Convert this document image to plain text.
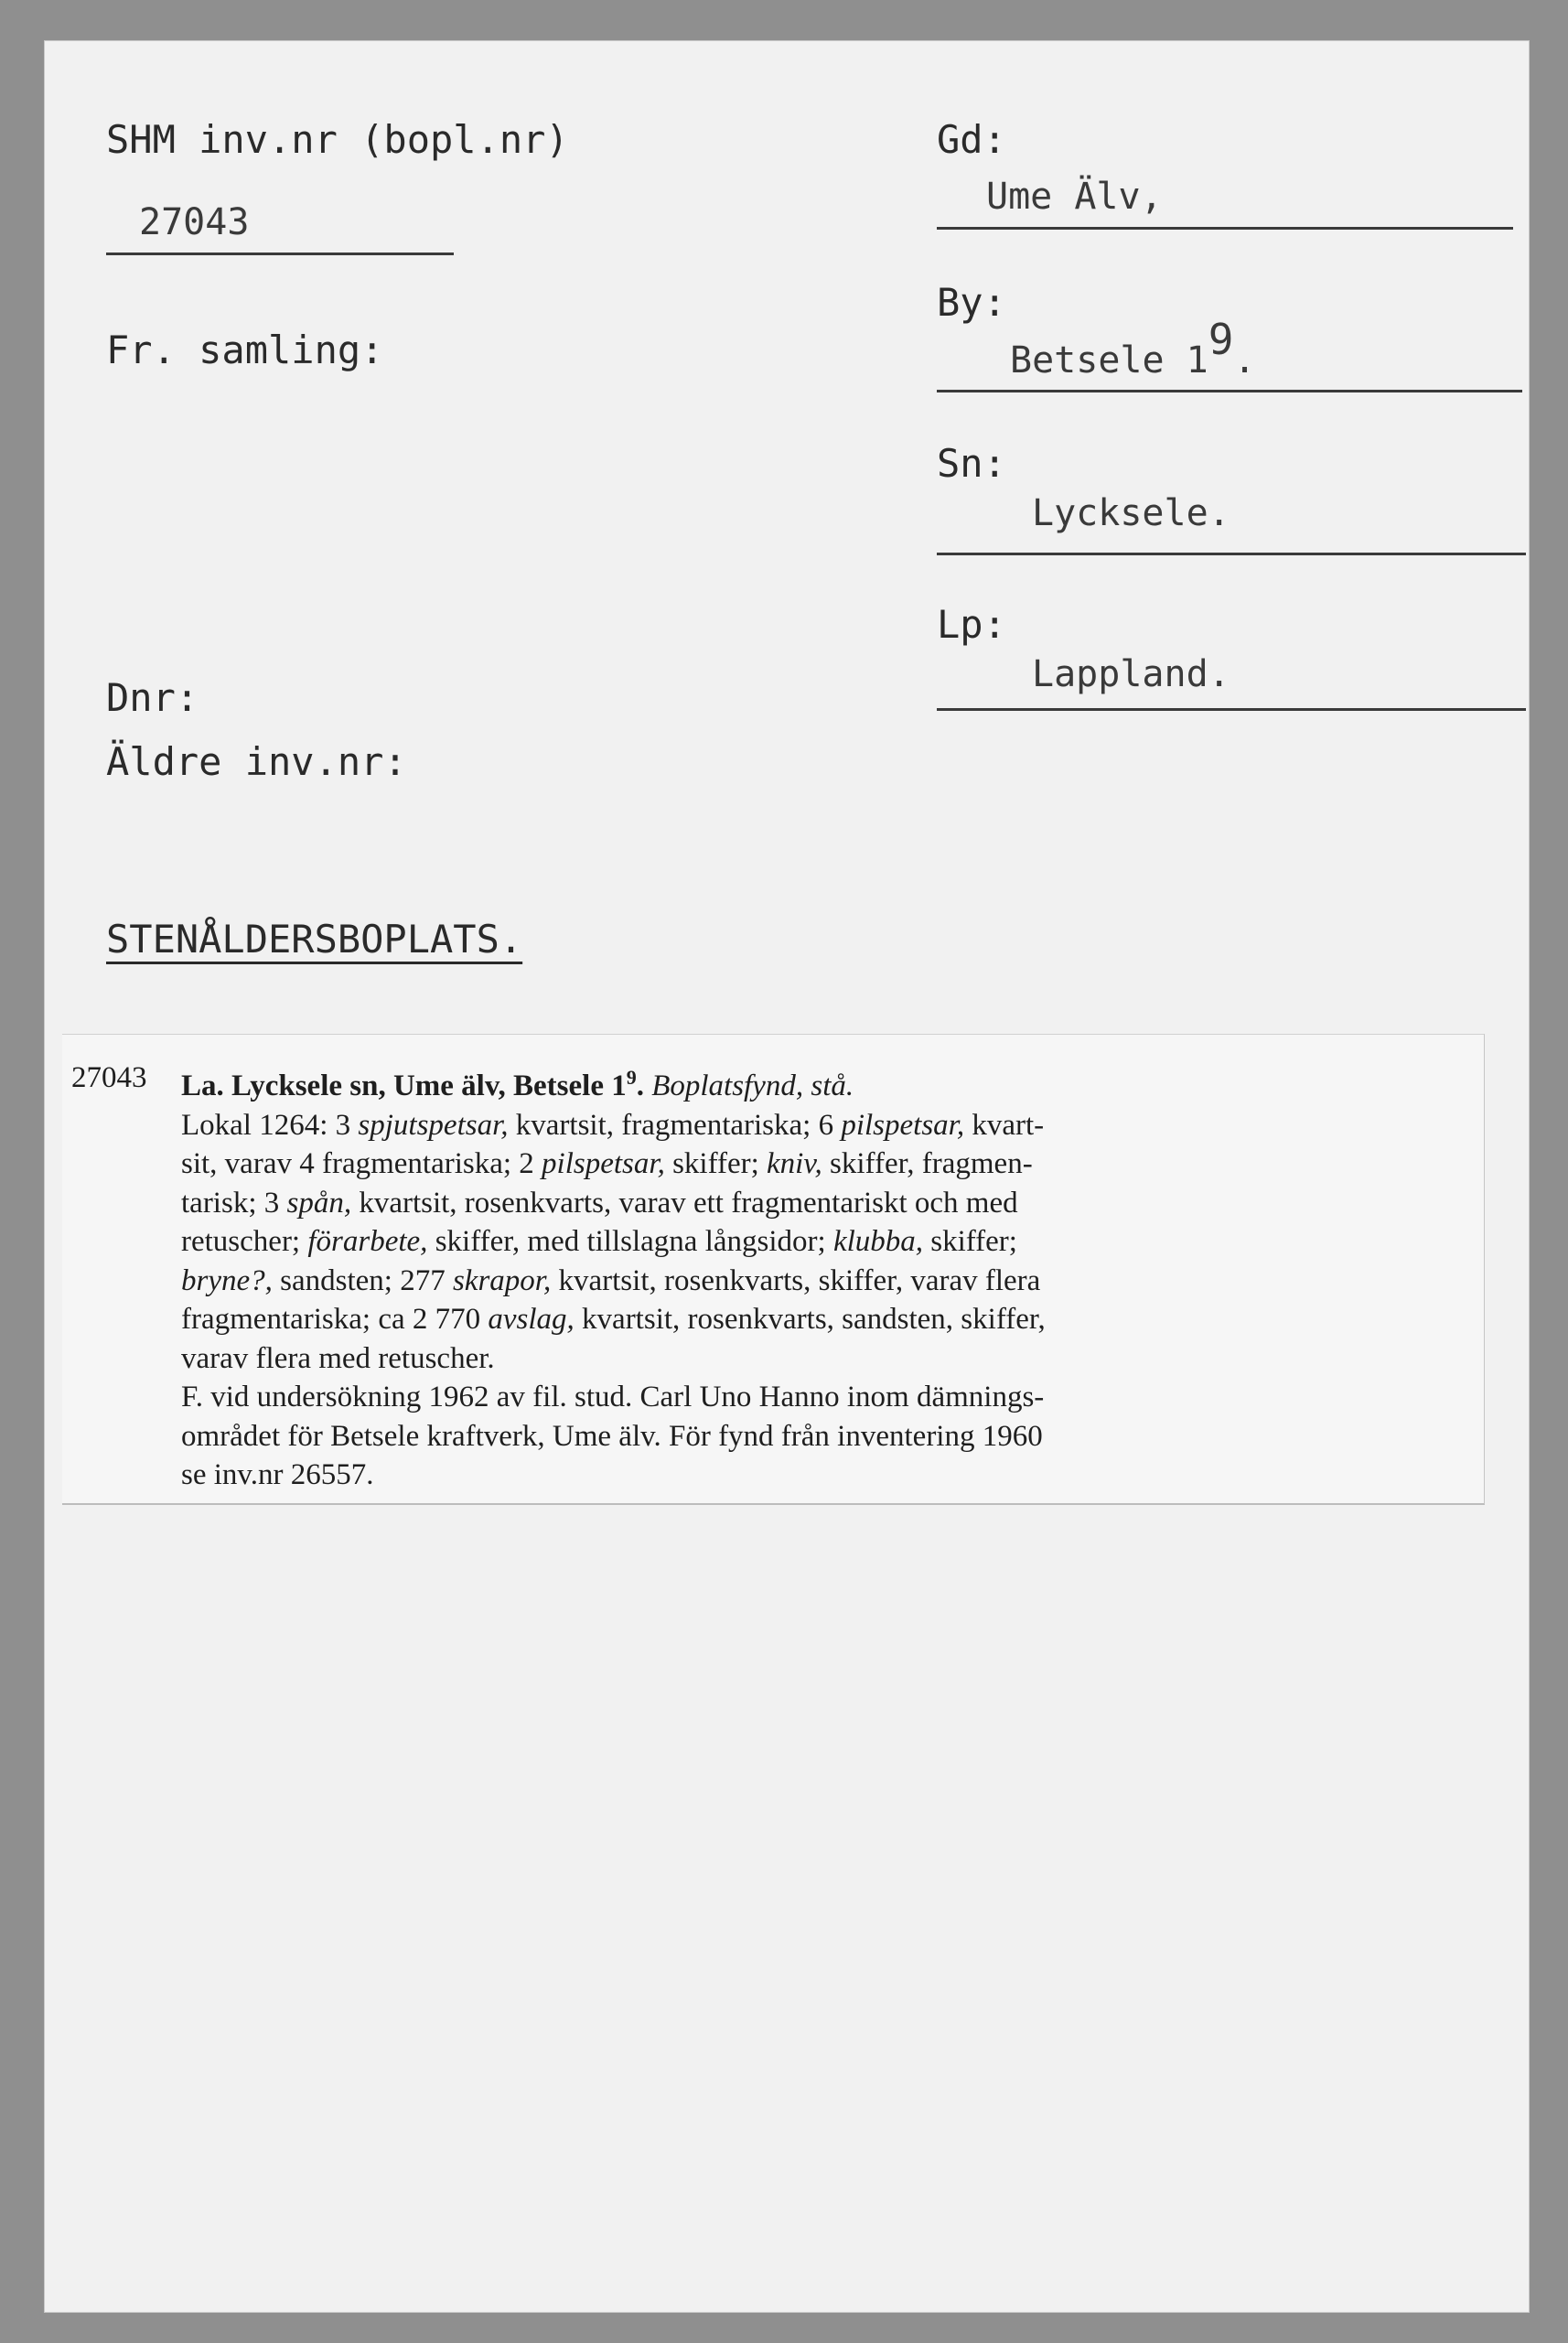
SHM inv.nr (bopl.nr)
27043
Fr. samling:
Dnr:
Äldre inv.nr:
STENÅLDERSBOPLATS.
Gd:
Ume Älv,
By:
Betsele 19.
Sn:
Lycksele.
Lp:
Lappland.
27043 La. Lycksele sn, Ume älv, Betsele $1^9$. Boplatsfynd, stå.
Lokal 1264: 3 spjutspetsar, kvartsit, fragmentariska; 6 pilspetsar, kvart-
sit, varav 4 fragmentariska; 2 pilspetsar, skiffer; kniv, skiffer, fragmen-
tarisk; 3 spån, kvartsit, rosenkvarts, varav ett fragmentariskt och med
retuscher; förarbete, skiffer, med tillslagna långsidor; klubba, skiffer;
bryne?, sandsten; 277 skrapor, kvartsit, rosenkvarts, skiffer, varav flera
fragmentariska; ca 2 770 avslag, kvartsit, rosenkvarts, sandsten, skiffer,
varav flera med retuscher.
F. vid undersökning 1962 av fil. stud. Carl Uno Hanno inom dämnings-
området för Betsele kraftverk, Ume älv. För fynd från inventering 1960
se inv.nr 26557.
